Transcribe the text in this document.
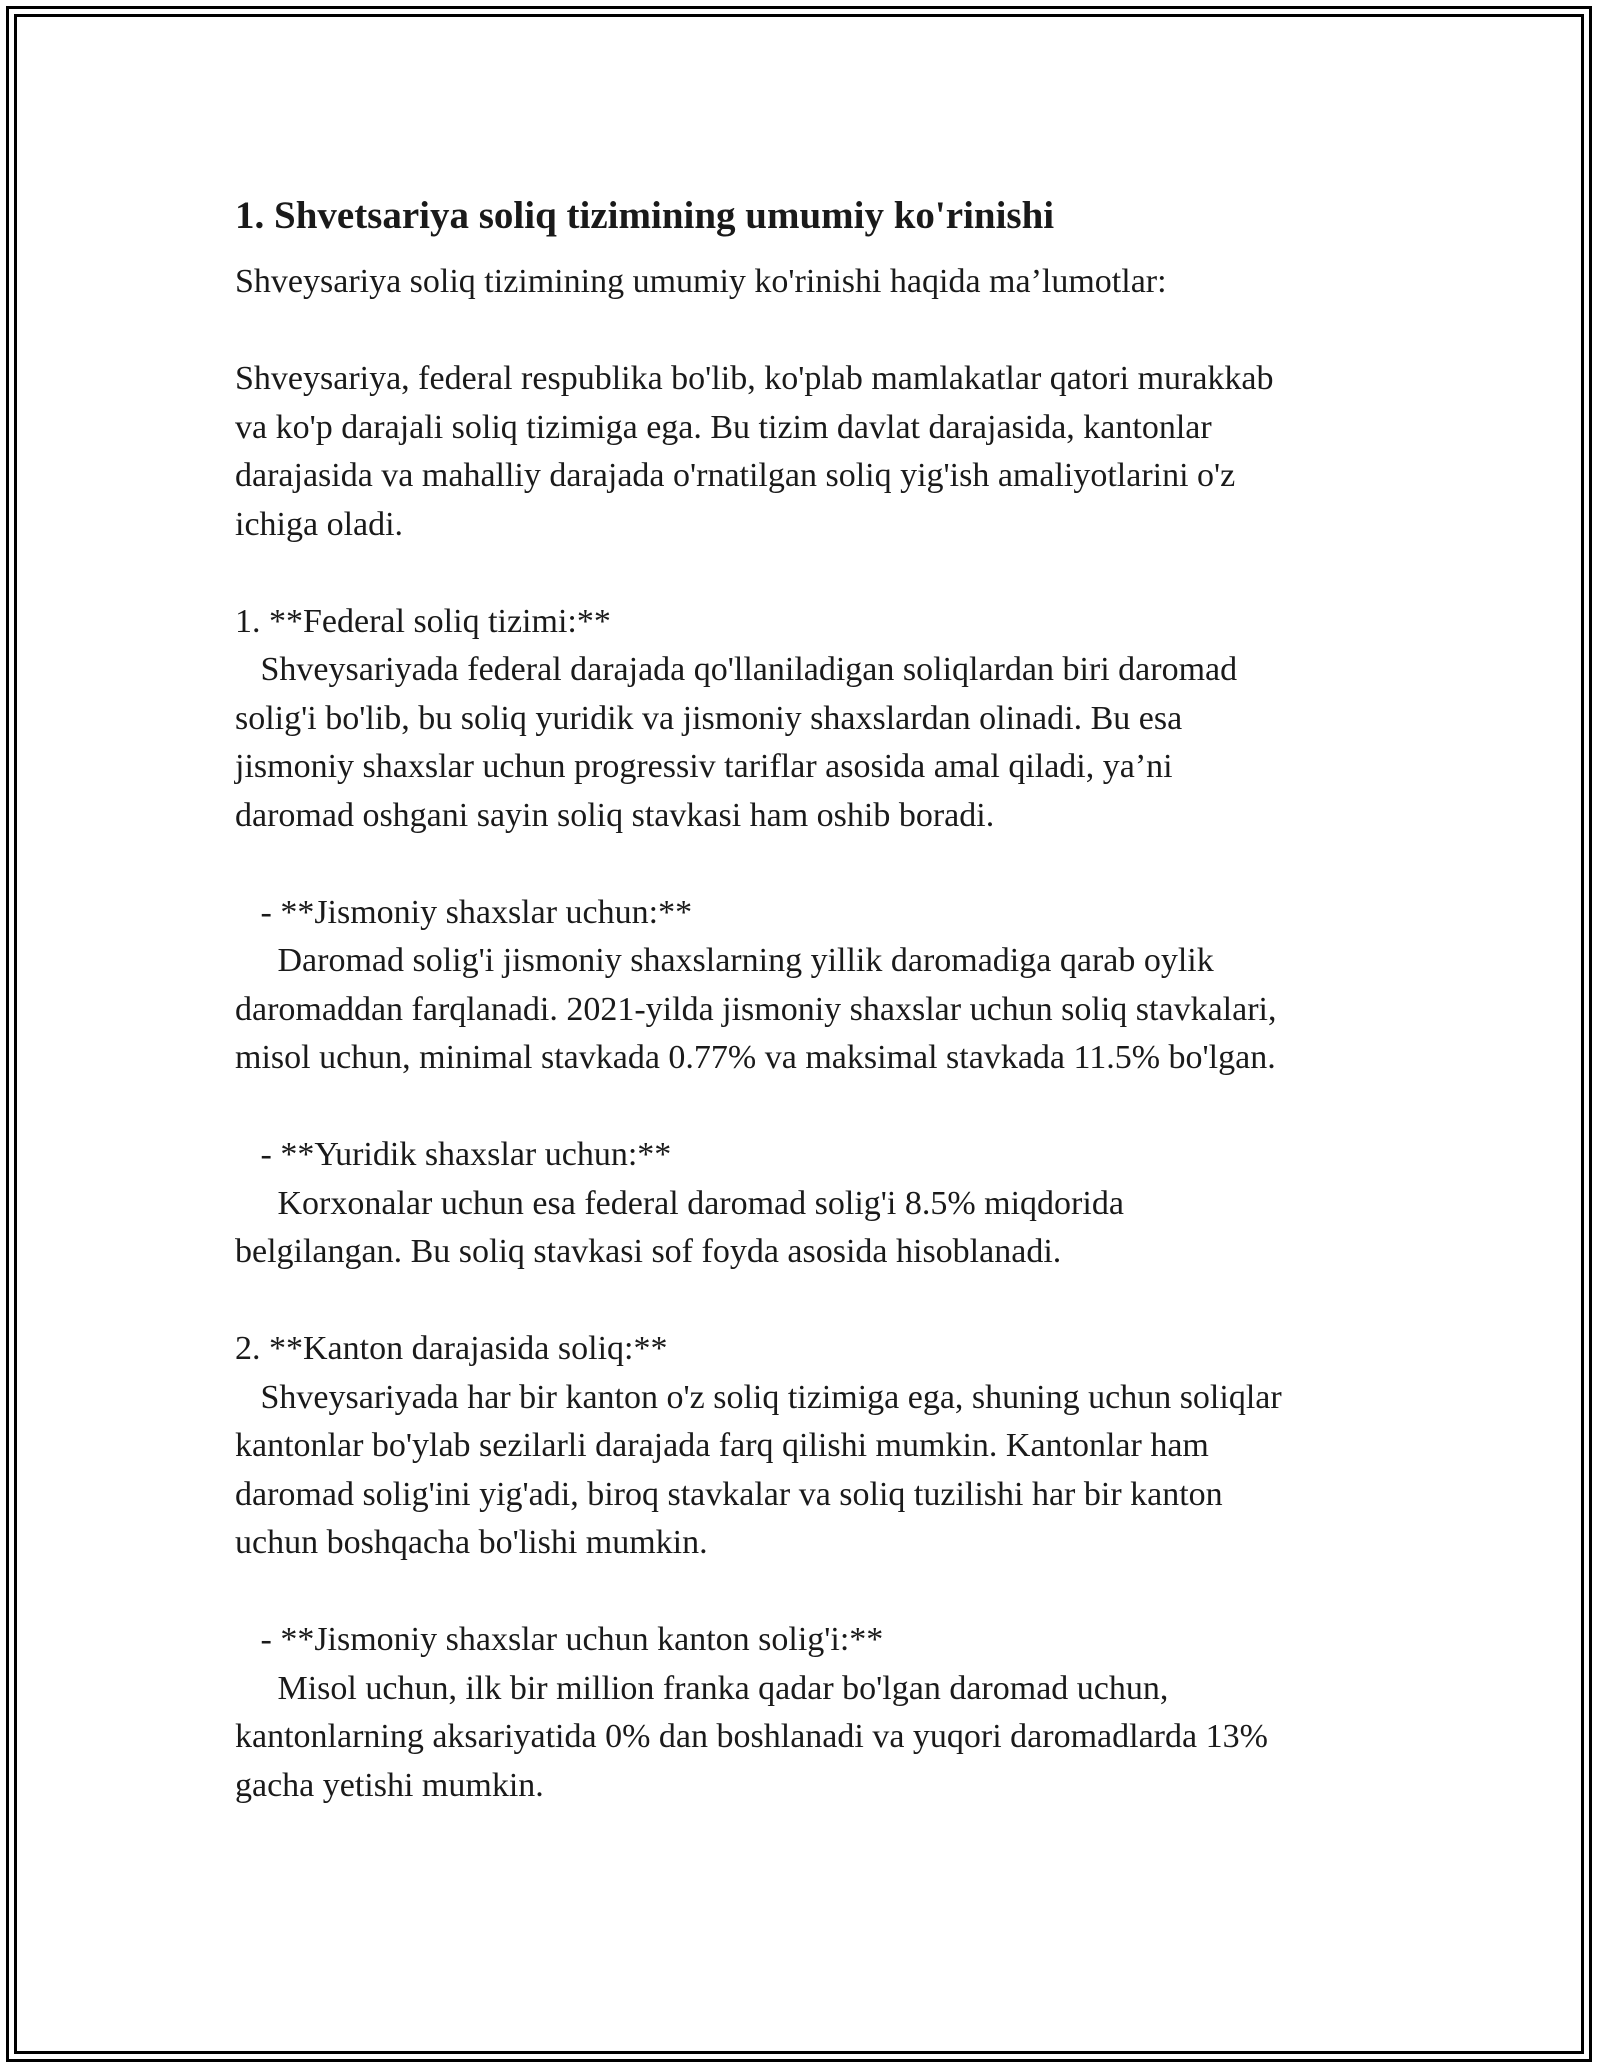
1. Shvetsariya soliq tizimining umumiy ko'rinishi

Shveysariya soliq tizimining umumiy ko'rinishi haqida ma’lumotlar:

Shveysariya, federal respublika bo'lib, ko'plab mamlakatlar qatori murakkab
va ko'p darajali soliq tizimiga ega. Bu tizim davlat darajasida, kantonlar
darajasida va mahalliy darajada o'rnatilgan soliq yig'ish amaliyotlarini o'z
ichiga oladi.

1. **Federal soliq tizimi:**

Shveysariyada federal darajada qo'llaniladigan soliqlardan biri daromad
solig'i bo'lib, bu soliq yuridik va jismoniy shaxslardan olinadi. Bu esa
jismoniy shaxslar uchun progressiv tariflar asosida amal qiladi, ya’ni
daromad oshgani sayin soliq stavkasi ham oshib boradi.

- **Jismoniy shaxslar uchun:**

Daromad solig'i jismoniy shaxslarning yillik daromadiga qarab oylik
daromaddan farqlanadi. 2021-yilda jismoniy shaxslar uchun soliq stavkalari,
misol uchun, minimal stavkada 0.77% va maksimal stavkada 11.5% bo'lgan.

- **Yuridik shaxslar uchun:**

Korxonalar uchun esa federal daromad solig'i 8.5% miqdorida
belgilangan. Bu soliq stavkasi sof foyda asosida hisoblanadi.

2. **Kanton darajasida soliq:**

Shveysariyada har bir kanton o'z soliq tizimiga ega, shuning uchun soliqlar
kantonlar bo'ylab sezilarli darajada farq qilishi mumkin. Kantonlar ham
daromad solig'ini yig'adi, biroq stavkalar va soliq tuzilishi har bir kanton
uchun boshqacha bo'lishi mumkin.

- **Jismoniy shaxslar uchun kanton solig'i:**

Misol uchun, ilk bir million franka qadar bo'lgan daromad uchun,
kantonlarning aksariyatida 0% dan boshlanadi va yuqori daromadlarda 13%
gacha yetishi mumkin.
